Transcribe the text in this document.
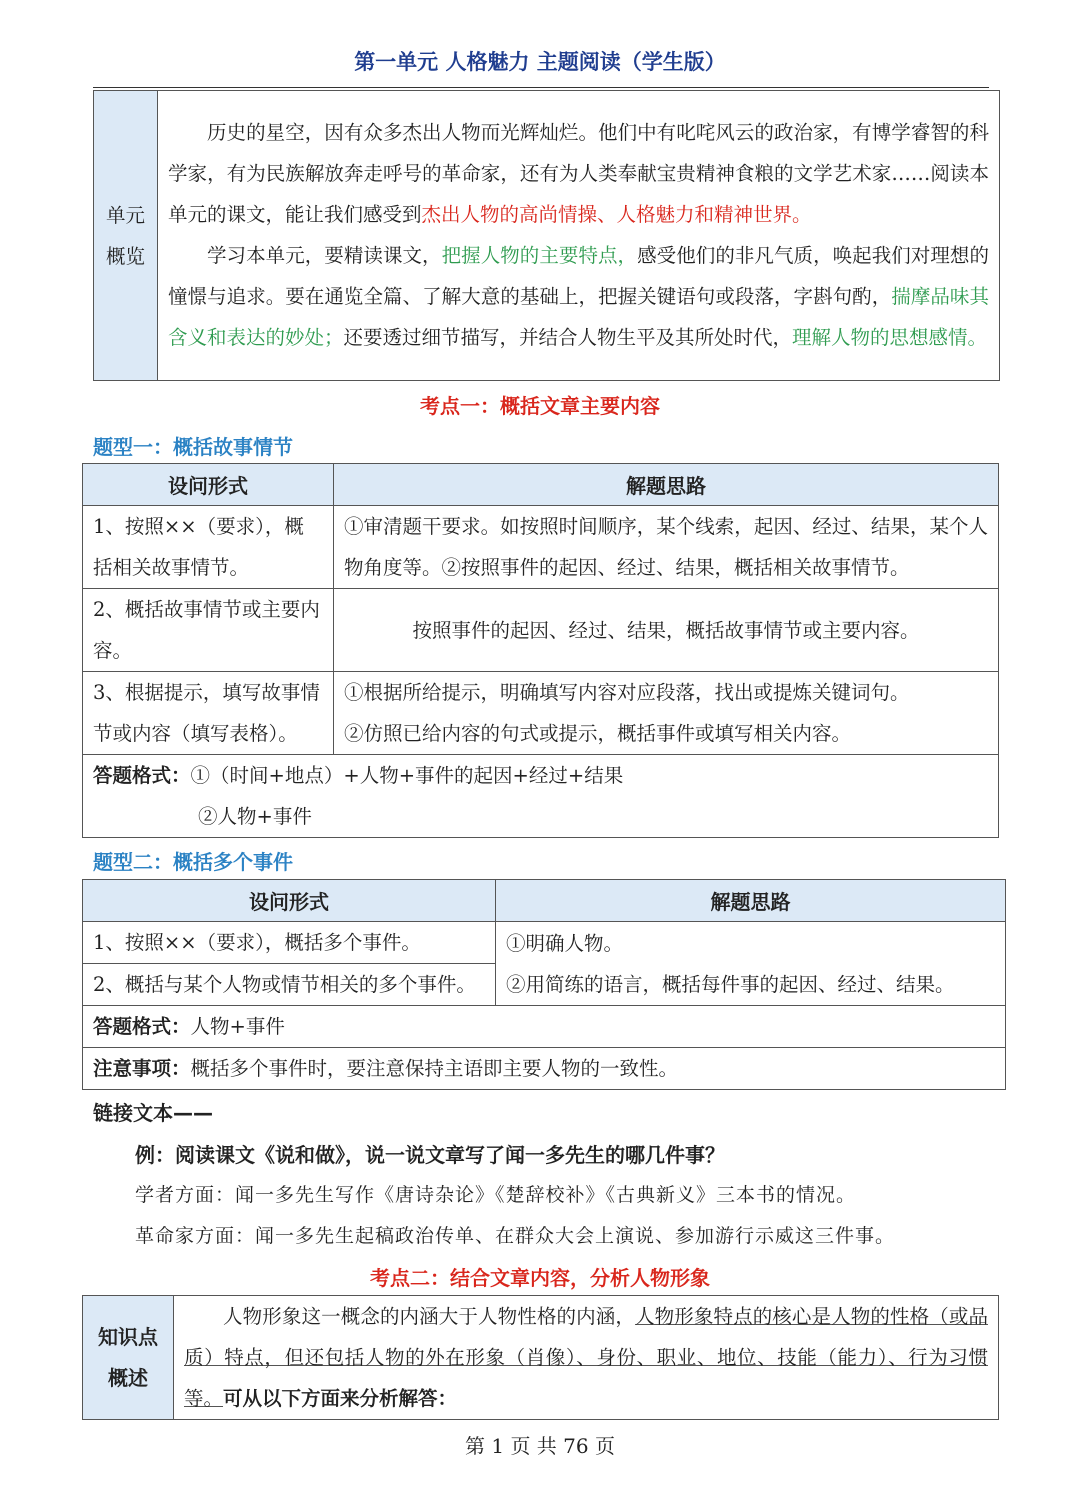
第一单元 人格魅力 主题阅读（学生版）
单元概览	
历史的星空，因有众多杰出人物而光辉灿烂。他们中有叱咤风云的政治家，有博学睿智的科学家，有为民族解放奔走呼号的革命家，还有为人类奉献宝贵精神食粮的文学艺术家……阅读本单元的课文，能让我们感受到杰出人物的高尚情操、人格魅力和精神世界。
学习本单元，要精读课文，把握人物的主要特点，感受他们的非凡气质，唤起我们对理想的憧憬与追求。要在通览全篇、了解大意的基础上，把握关键语句或段落，字斟句酌，揣摩品味其含义和表达的妙处；还要透过细节描写，并结合人物生平及其所处时代，理解人物的思想感情。
考点一：概括文章主要内容
题型一：概括故事情节
设问形式	解题思路
1、按照××（要求），概括相关故事情节。	①审清题干要求。如按照时间顺序，某个线索，起因、经过、结果，某个人物角度等。②按照事件的起因、经过、结果，概括相关故事情节。
2、概括故事情节或主要内容。	按照事件的起因、经过、结果，概括故事情节或主要内容。
3、根据提示，填写故事情节或内容（填写表格）。	①根据所给提示，明确填写内容对应段落，找出或提炼关键词句。
②仿照已给内容的句式或提示，概括事件或填写相关内容。

答题格式：①（时间+地点）+人物+事件的起因+经过+结果
②人物+事件	
题型二：概括多个事件
设问形式	解题思路
1、按照××（要求），概括多个事件。	①明确人物。
②用简练的语言，概括每件事的起因、经过、结果。

2、概括与某个人物或情节相关的多个事件。	
答题格式：人物+事件	
注意事项：概括多个事件时，要注意保持主语即主要人物的一致性。	
链接文本——
例：阅读课文《说和做》，说一说文章写了闻一多先生的哪几件事？
学者方面：闻一多先生写作《唐诗杂论》《楚辞校补》《古典新义》三本书的情况。
革命家方面：闻一多先生起稿政治传单、在群众大会上演说、参加游行示威这三件事。
考点二：结合文章内容，分析人物形象
知识点概述	
人物形象这一概念的内涵大于人物性格的内涵，人物形象特点的核心是人物的性格（或品质）特点，但还包括人物的外在形象（肖像）、身份、职业、地位、技能（能力）、行为习惯等。可从以下方面来分析解答：
第 1 页 共 76 页
